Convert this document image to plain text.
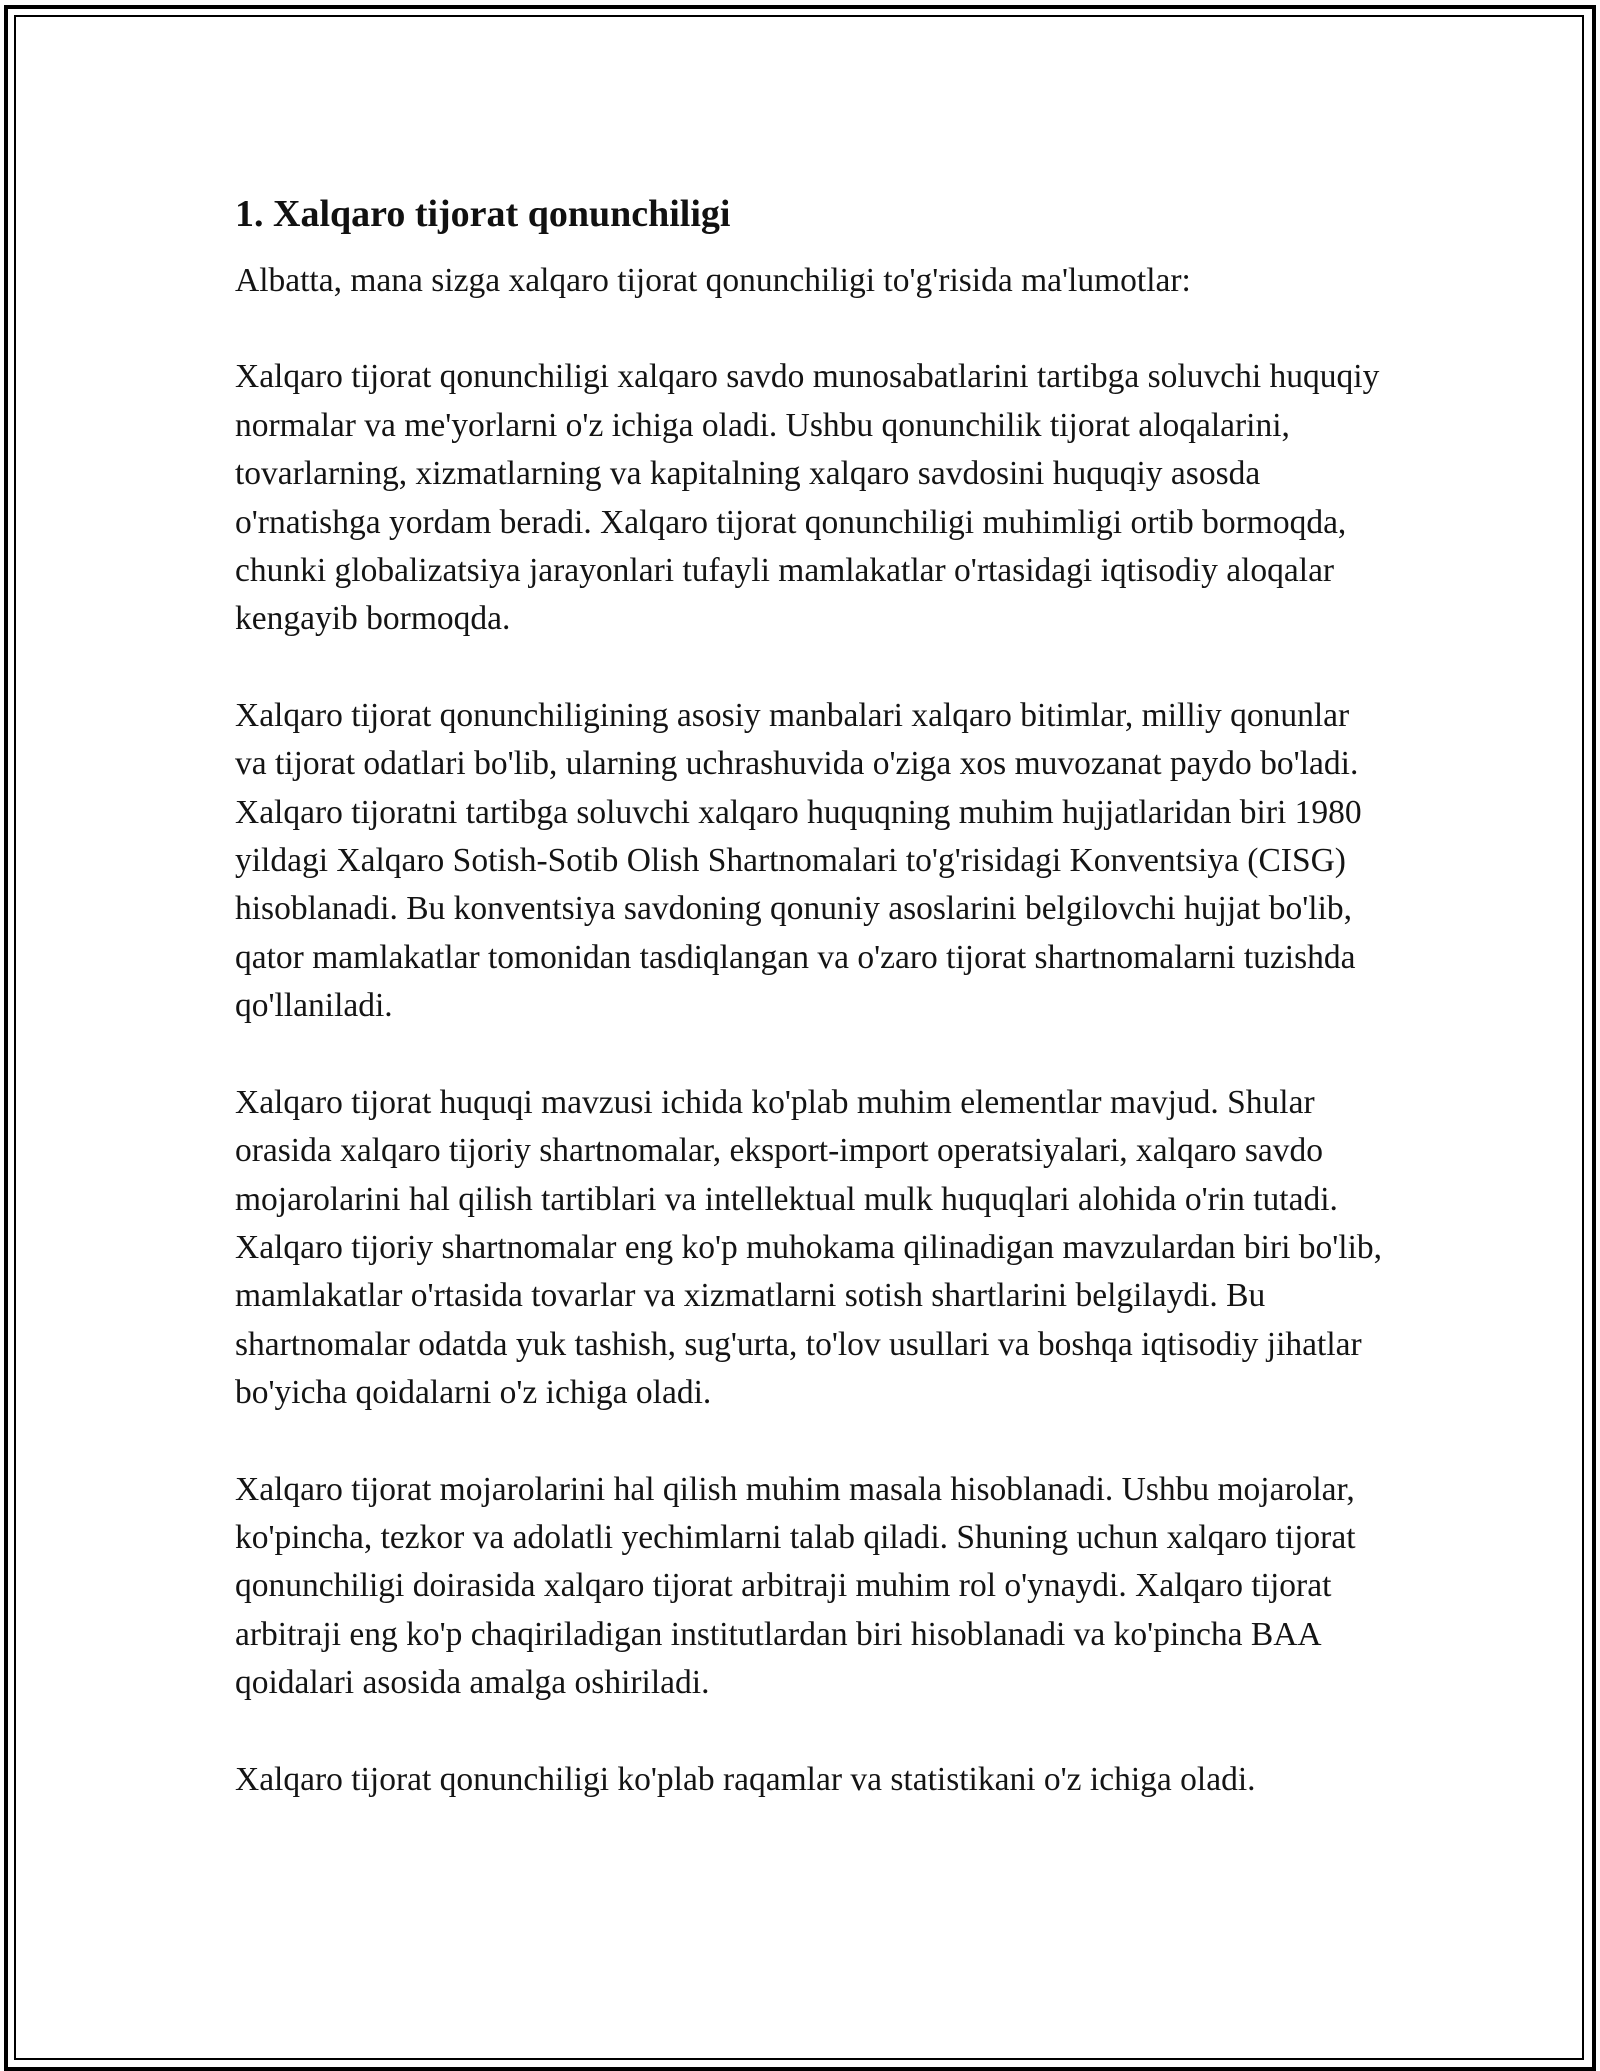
1. Xalqaro tijorat qonunchiligi

Albatta, mana sizga xalqaro tijorat qonunchiligi to'g'risida ma'lumotlar:

Xalqaro tijorat qonunchiligi xalqaro savdo munosabatlarini tartibga soluvchi huquqiy normalar va me'yorlarni o'z ichiga oladi. Ushbu qonunchilik tijorat aloqalarini, tovarlarning, xizmatlarning va kapitalning xalqaro savdosini huquqiy asosda o'rnatishga yordam beradi. Xalqaro tijorat qonunchiligi muhimligi ortib bormoqda, chunki globalizatsiya jarayonlari tufayli mamlakatlar o'rtasidagi iqtisodiy aloqalar kengayib bormoqda.

Xalqaro tijorat qonunchiligining asosiy manbalari xalqaro bitimlar, milliy qonunlar va tijorat odatlari bo'lib, ularning uchrashuvida o'ziga xos muvozanat paydo bo'ladi. Xalqaro tijoratni tartibga soluvchi xalqaro huquqning muhim hujjatlaridan biri 1980 yildagi Xalqaro Sotish-Sotib Olish Shartnomalari to'g'risidagi Konventsiya (CISG) hisoblanadi. Bu konventsiya savdoning qonuniy asoslarini belgilovchi hujjat bo'lib, qator mamlakatlar tomonidan tasdiqlangan va o'zaro tijorat shartnomalarni tuzishda qo'llaniladi.

Xalqaro tijorat huquqi mavzusi ichida ko'plab muhim elementlar mavjud. Shular orasida xalqaro tijoriy shartnomalar, eksport-import operatsiyalari, xalqaro savdo mojarolarini hal qilish tartiblari va intellektual mulk huquqlari alohida o'rin tutadi. Xalqaro tijoriy shartnomalar eng ko'p muhokama qilinadigan mavzulardan biri bo'lib, mamlakatlar o'rtasida tovarlar va xizmatlarni sotish shartlarini belgilaydi. Bu shartnomalar odatda yuk tashish, sug'urta, to'lov usullari va boshqa iqtisodiy jihatlar bo'yicha qoidalarni o'z ichiga oladi.

Xalqaro tijorat mojarolarini hal qilish muhim masala hisoblanadi. Ushbu mojarolar, ko'pincha, tezkor va adolatli yechimlarni talab qiladi. Shuning uchun xalqaro tijorat qonunchiligi doirasida xalqaro tijorat arbitraji muhim rol o'ynaydi. Xalqaro tijorat arbitraji eng ko'p chaqiriladigan institutlardan biri hisoblanadi va ko'pincha BAA qoidalari asosida amalga oshiriladi.

Xalqaro tijorat qonunchiligi ko'plab raqamlar va statistikani o'z ichiga oladi.
